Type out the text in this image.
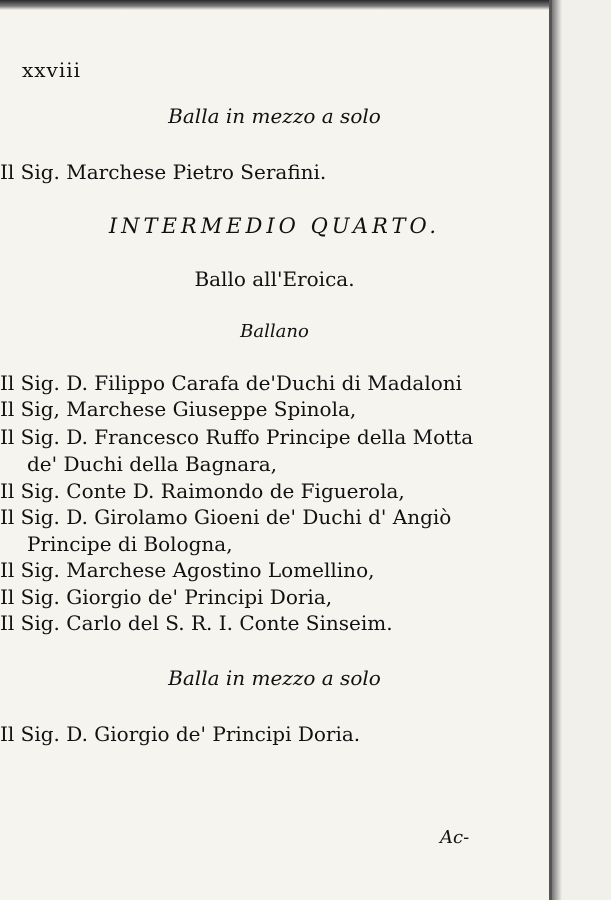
xxviii
Balla in mezzo a solo
Il Sig. Marchese Pietro Serafini.
INTERMEDIO QUARTO.
Ballo all'Eroica.
Ballano
Il Sig. D. Filippo Carafa de'Duchi di Madaloni
Il Sig, Marchese Giuseppe Spinola,
Il Sig. D. Francesco Ruffo Principe della Motta
de' Duchi della Bagnara,
Il Sig. Conte D. Raimondo de Figuerola,
Il Sig. D. Girolamo Gioeni de' Duchi d' Angiò
Principe di Bologna,
Il Sig. Marchese Agostino Lomellino,
Il Sig. Giorgio de' Principi Doria,
Il Sig. Carlo del S. R. I. Conte Sinseim.
Balla in mezzo a solo
Il Sig. D. Giorgio de' Principi Doria.
Ac-
